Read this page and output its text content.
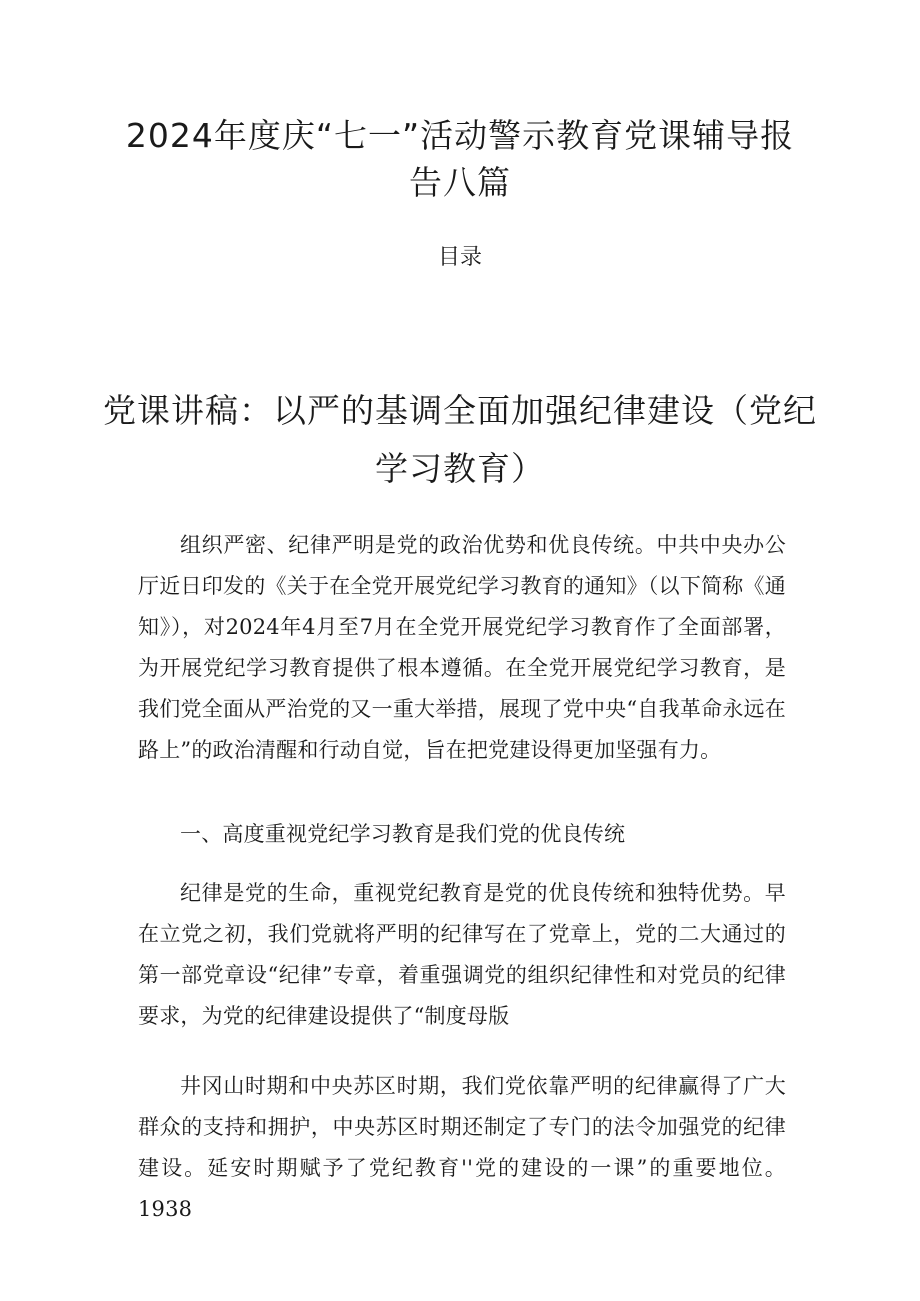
2024年度庆“七一”活动警示教育党课辅导报告八篇
目录
党课讲稿：以严的基调全面加强纪律建设（党纪学习教育）

组织严密、纪律严明是党的政治优势和优良传统。中共中央办公厅近日印发的《关于在全党开展党纪学习教育的通知》（以下简称《通知》），对2024年4月至7月在全党开展党纪学习教育作了全面部署，为开展党纪学习教育提供了根本遵循。在全党开展党纪学习教育，是我们党全面从严治党的又一重大举措，展现了党中央“自我革命永远在路上”的政治清醒和行动自觉，旨在把党建设得更加坚强有力。

一、高度重视党纪学习教育是我们党的优良传统

纪律是党的生命，重视党纪教育是党的优良传统和独特优势。早在立党之初，我们党就将严明的纪律写在了党章上，党的二大通过的第一部党章设“纪律”专章，着重强调党的组织纪律性和对党员的纪律要求，为党的纪律建设提供了“制度母版

井冈山时期和中央苏区时期，我们党依靠严明的纪律赢得了广大群众的支持和拥护，中央苏区时期还制定了专门的法令加强党的纪律建设。延安时期赋予了党纪教育''党的建设的一课”的重要地位。1938
